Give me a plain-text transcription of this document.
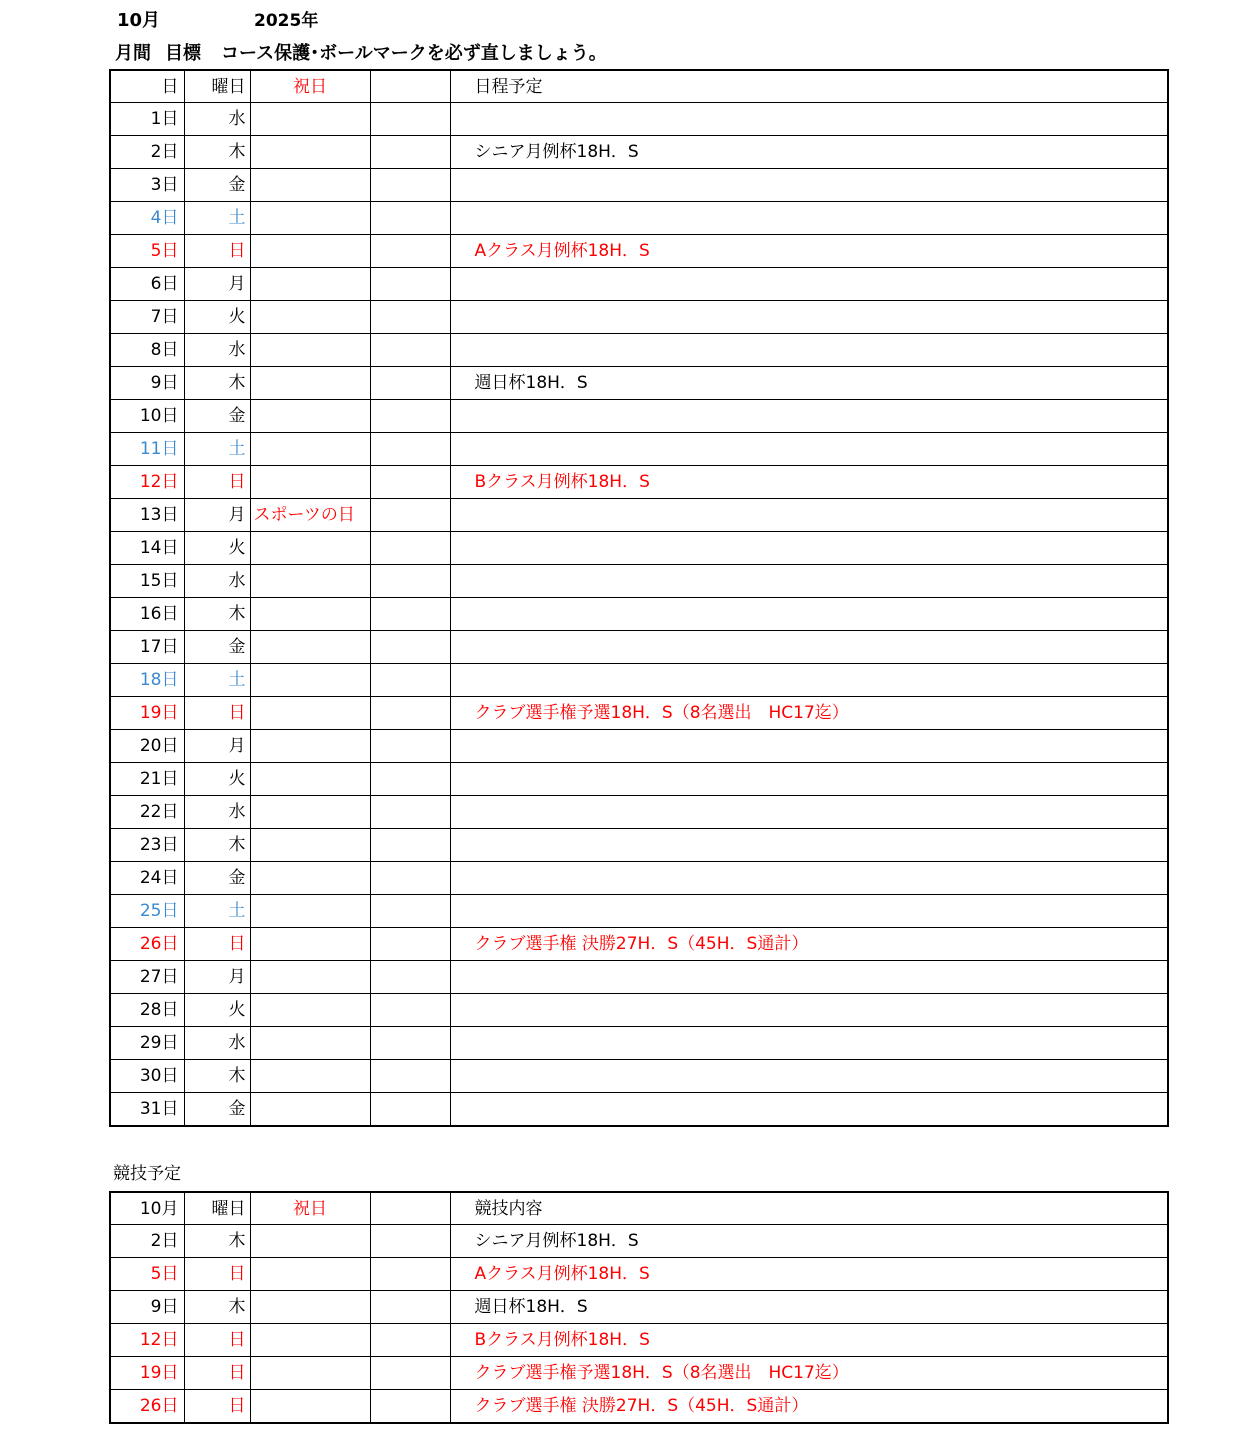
10月	2025年
月間 目標 コース保護･ボールマークを必ず直しましょう。
日	曜日	祝日		日程予定
1日	水			
2日	木			シニア月例杯18H．S
3日	金			
4日	土			
5日	日			Aクラス月例杯18H．S
6日	月			
7日	火			
8日	水			
9日	木			週日杯18H．S
10日	金			
11日	土			
12日	日			Bクラス月例杯18H．S
13日	月	スポーツの日		
14日	火			
15日	水			
16日	木			
17日	金			
18日	土			
19日	日			クラブ選手権予選18H．S（8名選出　HC17迄）
20日	月			
21日	火			
22日	水			
23日	木			
24日	金			
25日	土			
26日	日			クラブ選手権 決勝27H．S（45H．S通計）
27日	月			
28日	火			
29日	水			
30日	木			
31日	金			
競技予定
10月	曜日	祝日		競技内容
2日	木			シニア月例杯18H．S
5日	日			Aクラス月例杯18H．S
9日	木			週日杯18H．S
12日	日			Bクラス月例杯18H．S
19日	日			クラブ選手権予選18H．S（8名選出　HC17迄）
26日	日			クラブ選手権 決勝27H．S（45H．S通計）
